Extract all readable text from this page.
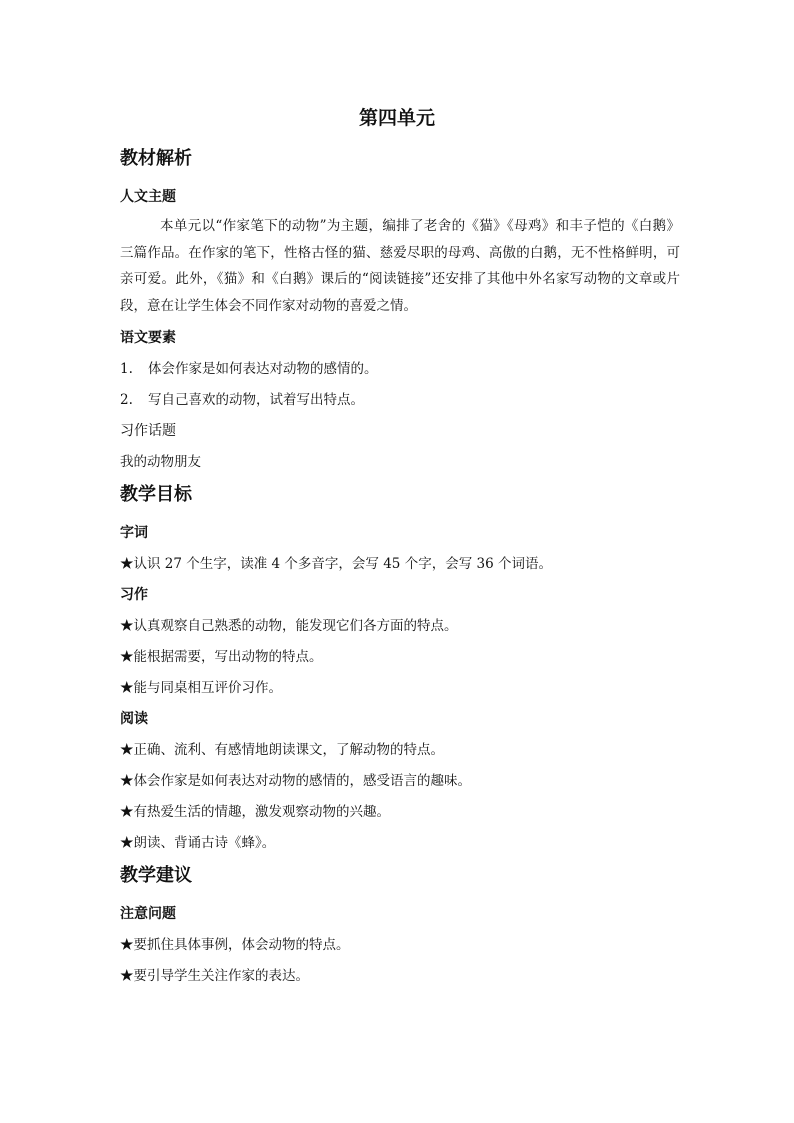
第四单元
教材解析
人文主题
本单元以“作家笔下的动物”为主题，编排了老舍的《猫》《母鸡》和丰子恺的《白鹅》三篇作品。在作家的笔下，性格古怪的猫、慈爱尽职的母鸡、高傲的白鹅，无不性格鲜明，可亲可爱。此外，《猫》和《白鹅》课后的“阅读链接”还安排了其他中外名家写动物的文章或片段，意在让学生体会不同作家对动物的喜爱之情。
语文要素
1. 体会作家是如何表达对动物的感情的。
2. 写自己喜欢的动物，试着写出特点。
习作话题
我的动物朋友
教学目标
字词
★认识 27 个生字，读准 4 个多音字，会写 45 个字，会写 36 个词语。
习作
★认真观察自己熟悉的动物，能发现它们各方面的特点。
★能根据需要，写出动物的特点。
★能与同桌相互评价习作。
阅读
★正确、流利、有感情地朗读课文，了解动物的特点。
★体会作家是如何表达对动物的感情的，感受语言的趣味。
★有热爱生活的情趣，激发观察动物的兴趣。
★朗读、背诵古诗《蜂》。
教学建议
注意问题
★要抓住具体事例，体会动物的特点。
★要引导学生关注作家的表达。
